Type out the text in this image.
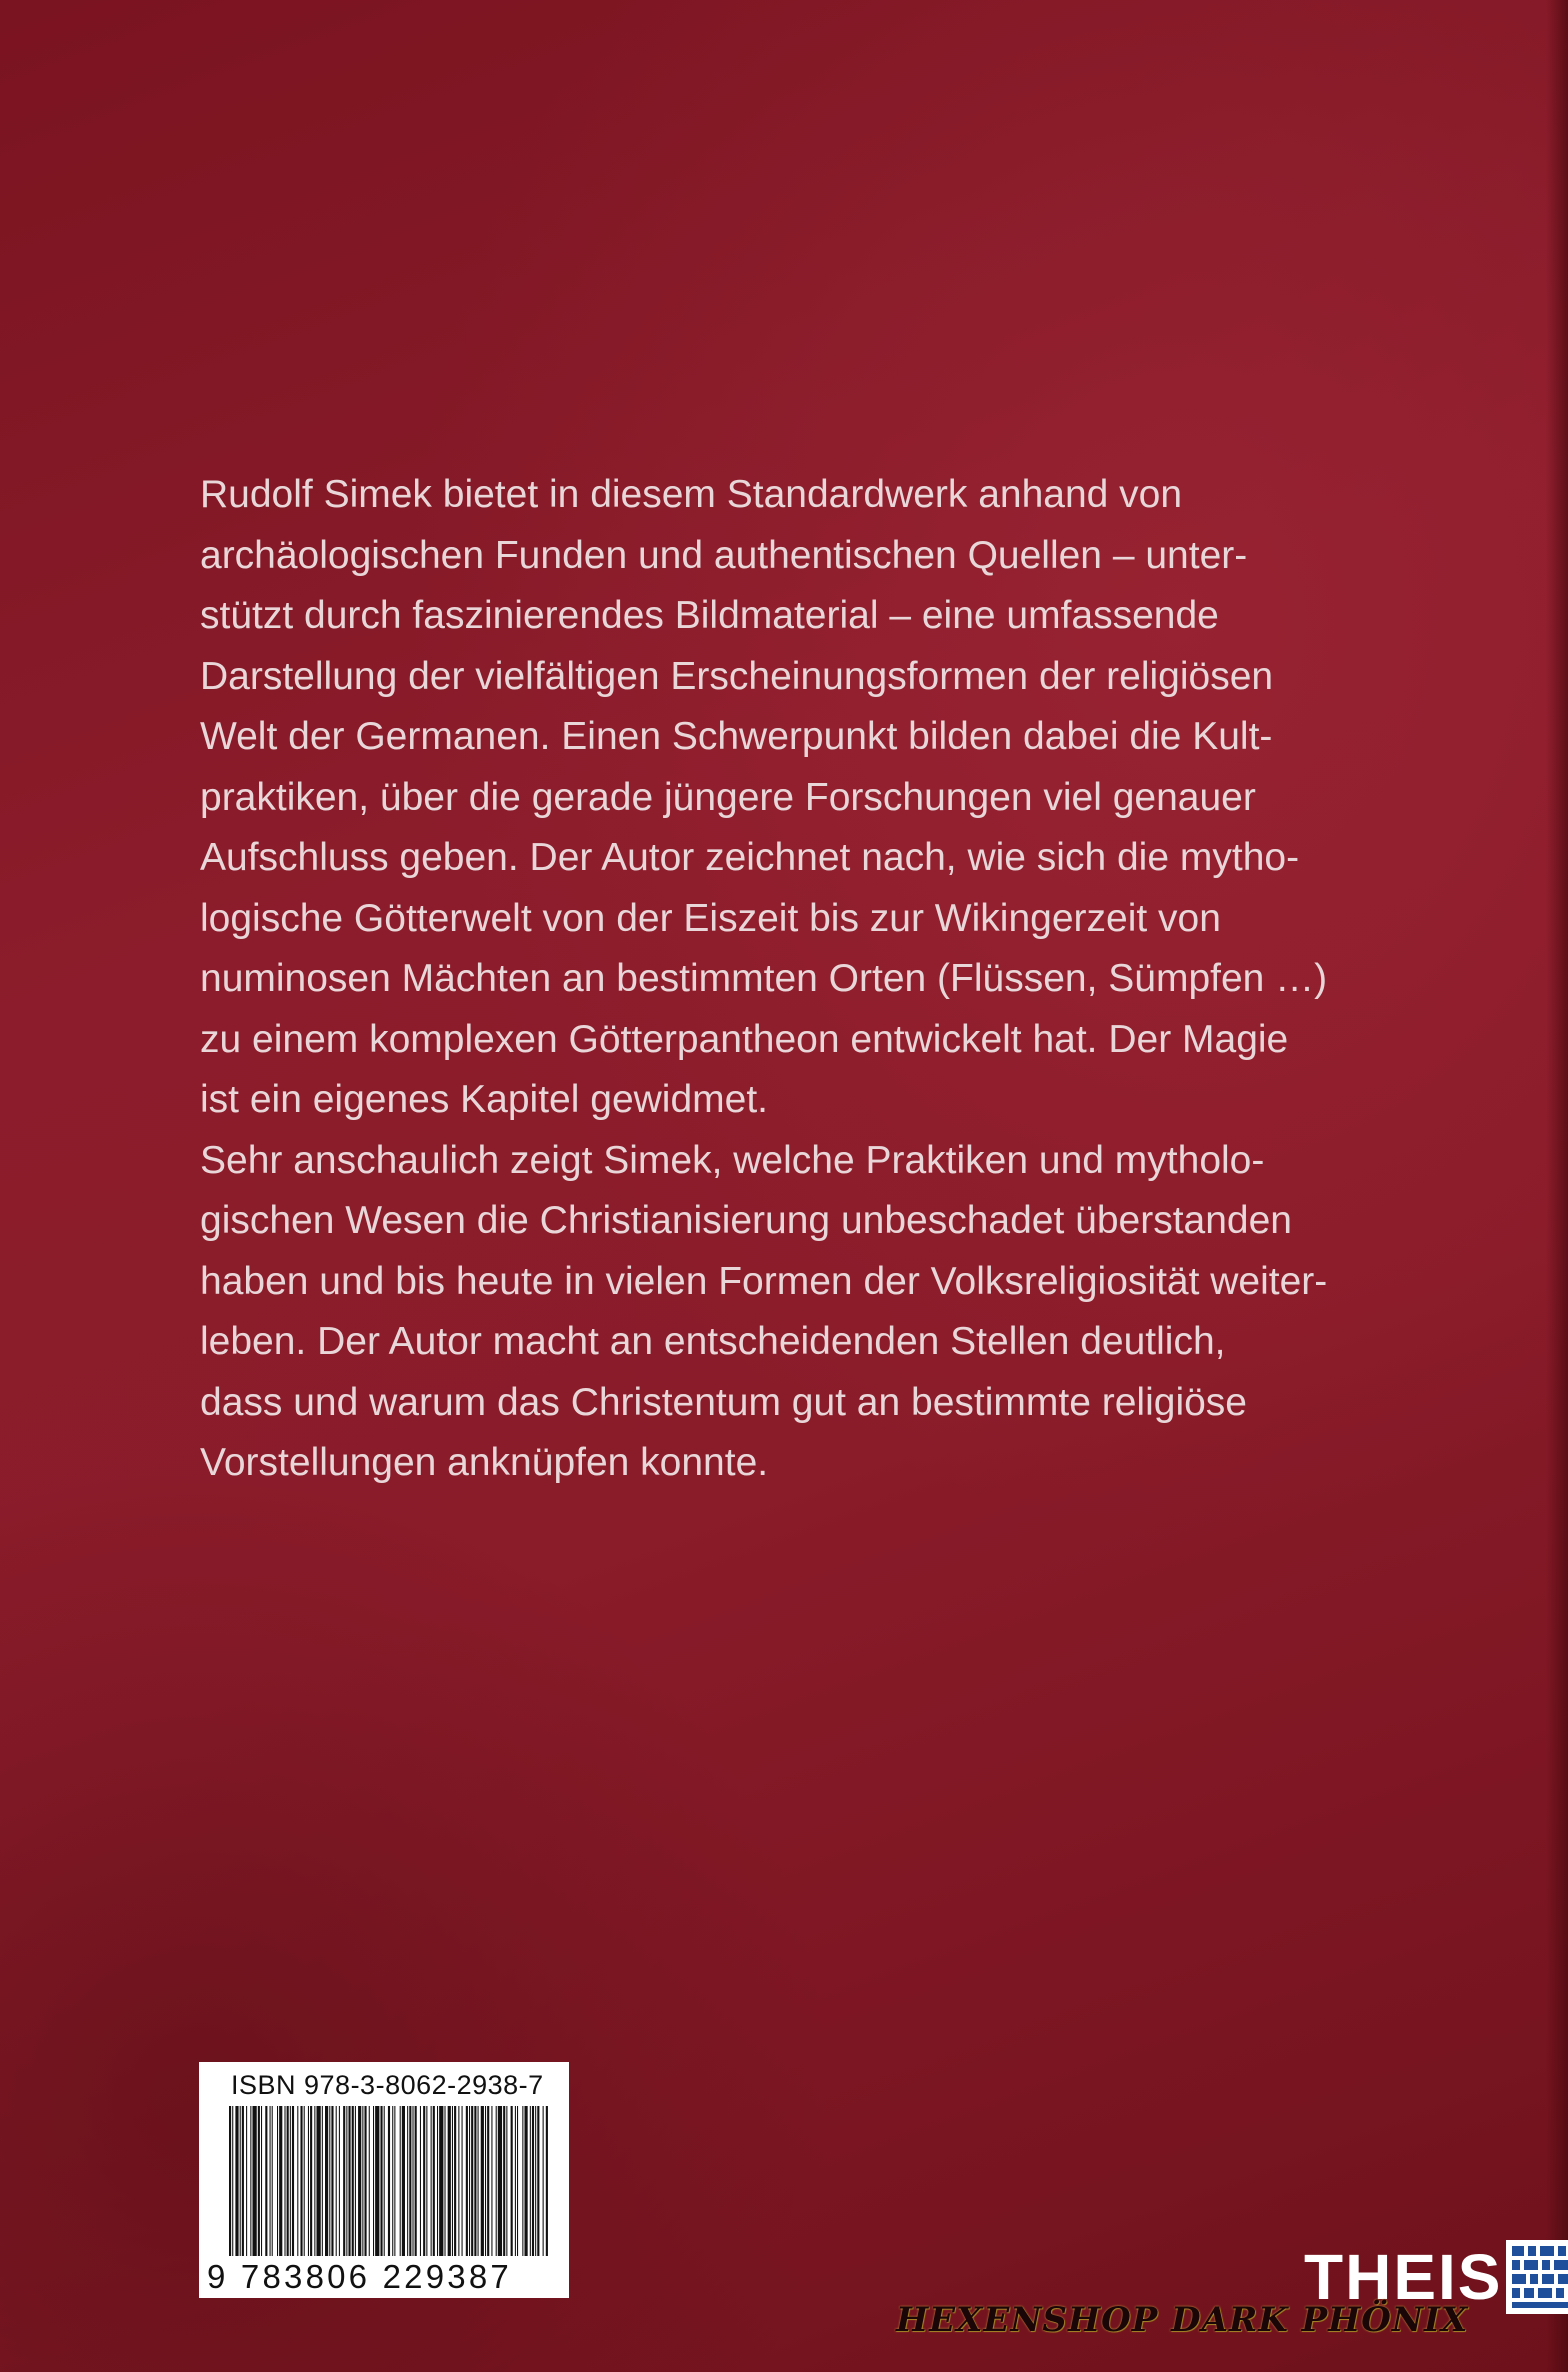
Rudolf Simek bietet in diesem Standardwerk anhand von
archäologischen Funden und authentischen Quellen – unter-
stützt durch faszinierendes Bildmaterial – eine umfassende
Darstellung der vielfältigen Erscheinungsformen der religiösen
Welt der Germanen. Einen Schwerpunkt bilden dabei die Kult-
praktiken, über die gerade jüngere Forschungen viel genauer
Aufschluss geben. Der Autor zeichnet nach, wie sich die mytho-
logische Götterwelt von der Eiszeit bis zur Wikingerzeit von
numinosen Mächten an bestimmten Orten (Flüssen, Sümpfen …)
zu einem komplexen Götterpantheon entwickelt hat. Der Magie
ist ein eigenes Kapitel gewidmet.

Sehr anschaulich zeigt Simek, welche Praktiken und mytholo-
gischen Wesen die Christianisierung unbeschadet überstanden
haben und bis heute in vielen Formen der Volksreligiosität weiter-
leben. Der Autor macht an entscheidenden Stellen deutlich,
dass und warum das Christentum gut an bestimmte religiöse
Vorstellungen anknüpfen konnte.

ISBN 978-3-8062-2938-7
9 783806 229387	THEIS
HEXENSHOP DARK PHÖNIX
